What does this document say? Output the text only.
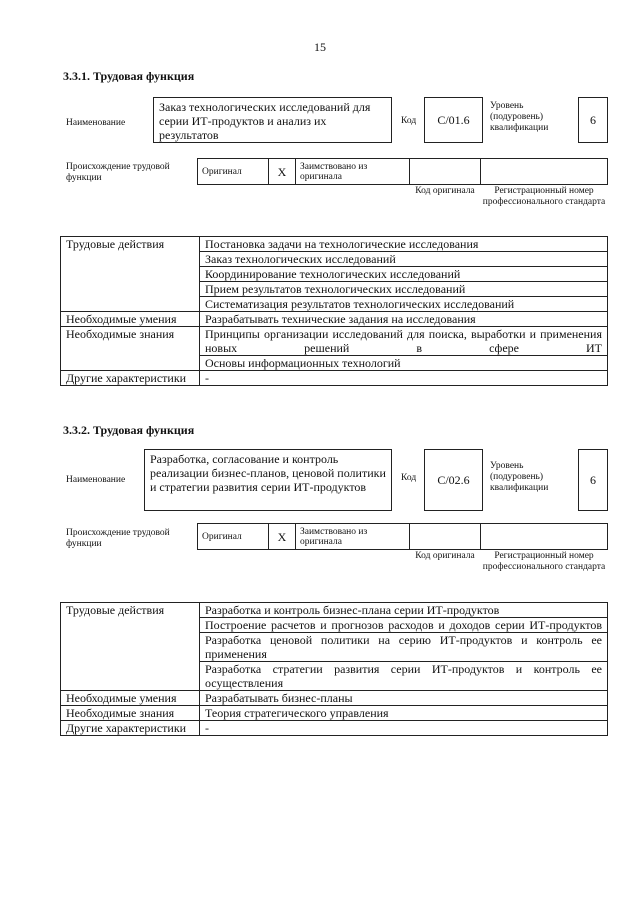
15
3.3.1. Трудовая функция
Наименование
Заказ технологических исследований для серии ИТ-продуктов и анализ их результатов
Код	C/01.6
Уровень (подуровень) квалификации
6
Происхождение трудовой функции
Оригинал	X	Заимствовано из оригинала		
Код оригинала	Регистрационный номер профессионального стандарта
Трудовые действия	Постановка задачи на технологические исследования
	Заказ технологических исследований
	Координирование технологических исследований
	Прием результатов технологических исследований
	Систематизация результатов технологических исследований
Необходимые умения	Разрабатывать технические задания на исследования
Необходимые знания	Принципы организации исследований для поиска, выработки и применения новых решений в сфере ИТ
	Основы информационных технологий
Другие характеристики	-
3.3.2. Трудовая функция
Наименование
Разработка, согласование и контроль реализации бизнес-планов, ценовой политики и стратегии развития серии ИТ-продуктов
Код	C/02.6
Уровень (подуровень) квалификации
6
Происхождение трудовой функции
Оригинал	X	Заимствовано из оригинала		
Код оригинала	Регистрационный номер профессионального стандарта
Трудовые действия	Разработка и контроль бизнес-плана серии ИТ-продуктов
	Построение расчетов и прогнозов расходов и доходов серии ИТ-продуктов
	Разработка ценовой политики на серию ИТ-продуктов и контроль ее применения
	Разработка стратегии развития серии ИТ-продуктов и контроль ее осуществления
Необходимые умения	Разрабатывать бизнес-планы
Необходимые знания	Теория стратегического управления
Другие характеристики	-
